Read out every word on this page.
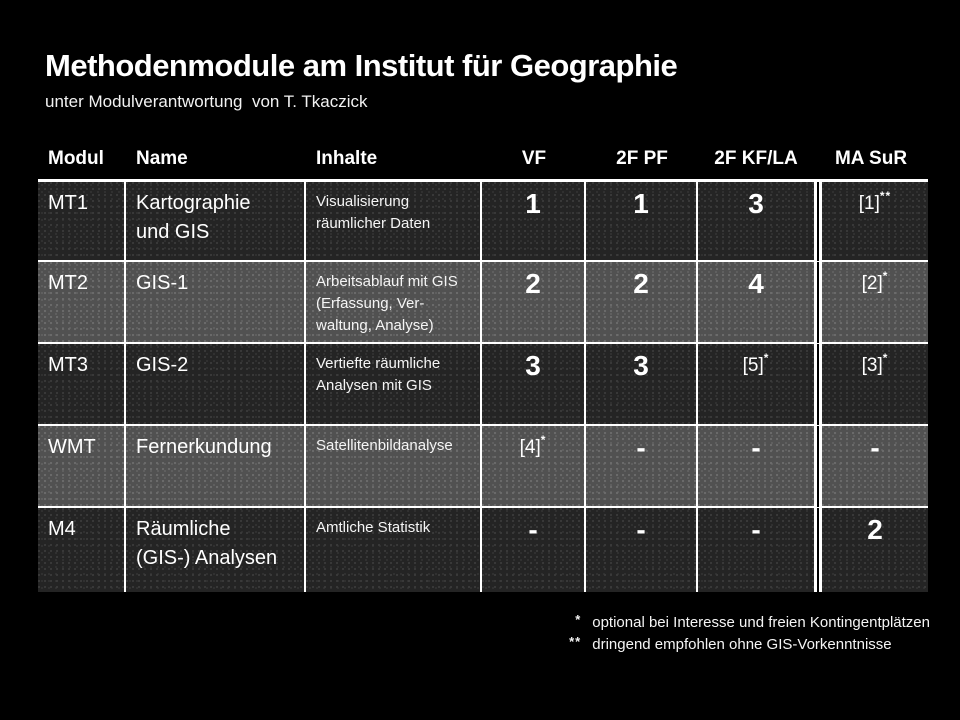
Methodenmodule am Institut für Geographie
unter Modulverantwortung  von T. Tkaczick
Modul	Name	Inhalte	VF	2F PF	2F KF/LA	MA SuR
MT1	Kartographie und GIS	Visualisierung räumlicher Daten	1	1	3	[1]**
MT2	GIS-1	Arbeitsablauf mit GIS (Erfassung, Ver-waltung, Analyse)	2	2	4	[2]*
MT3	GIS-2	Vertiefte räumliche Analysen mit GIS	3	3	[5]*	[3]*
WMT	Fernerkundung	Satellitenbildanalyse	[4]*	-	-	-
M4	Räumliche (GIS-) Analysen	Amtliche Statistik	-	-	-	2
* optional bei Interesse und freien Kontingentplätzen
** dringend empfohlen ohne GIS-Vorkenntnisse
